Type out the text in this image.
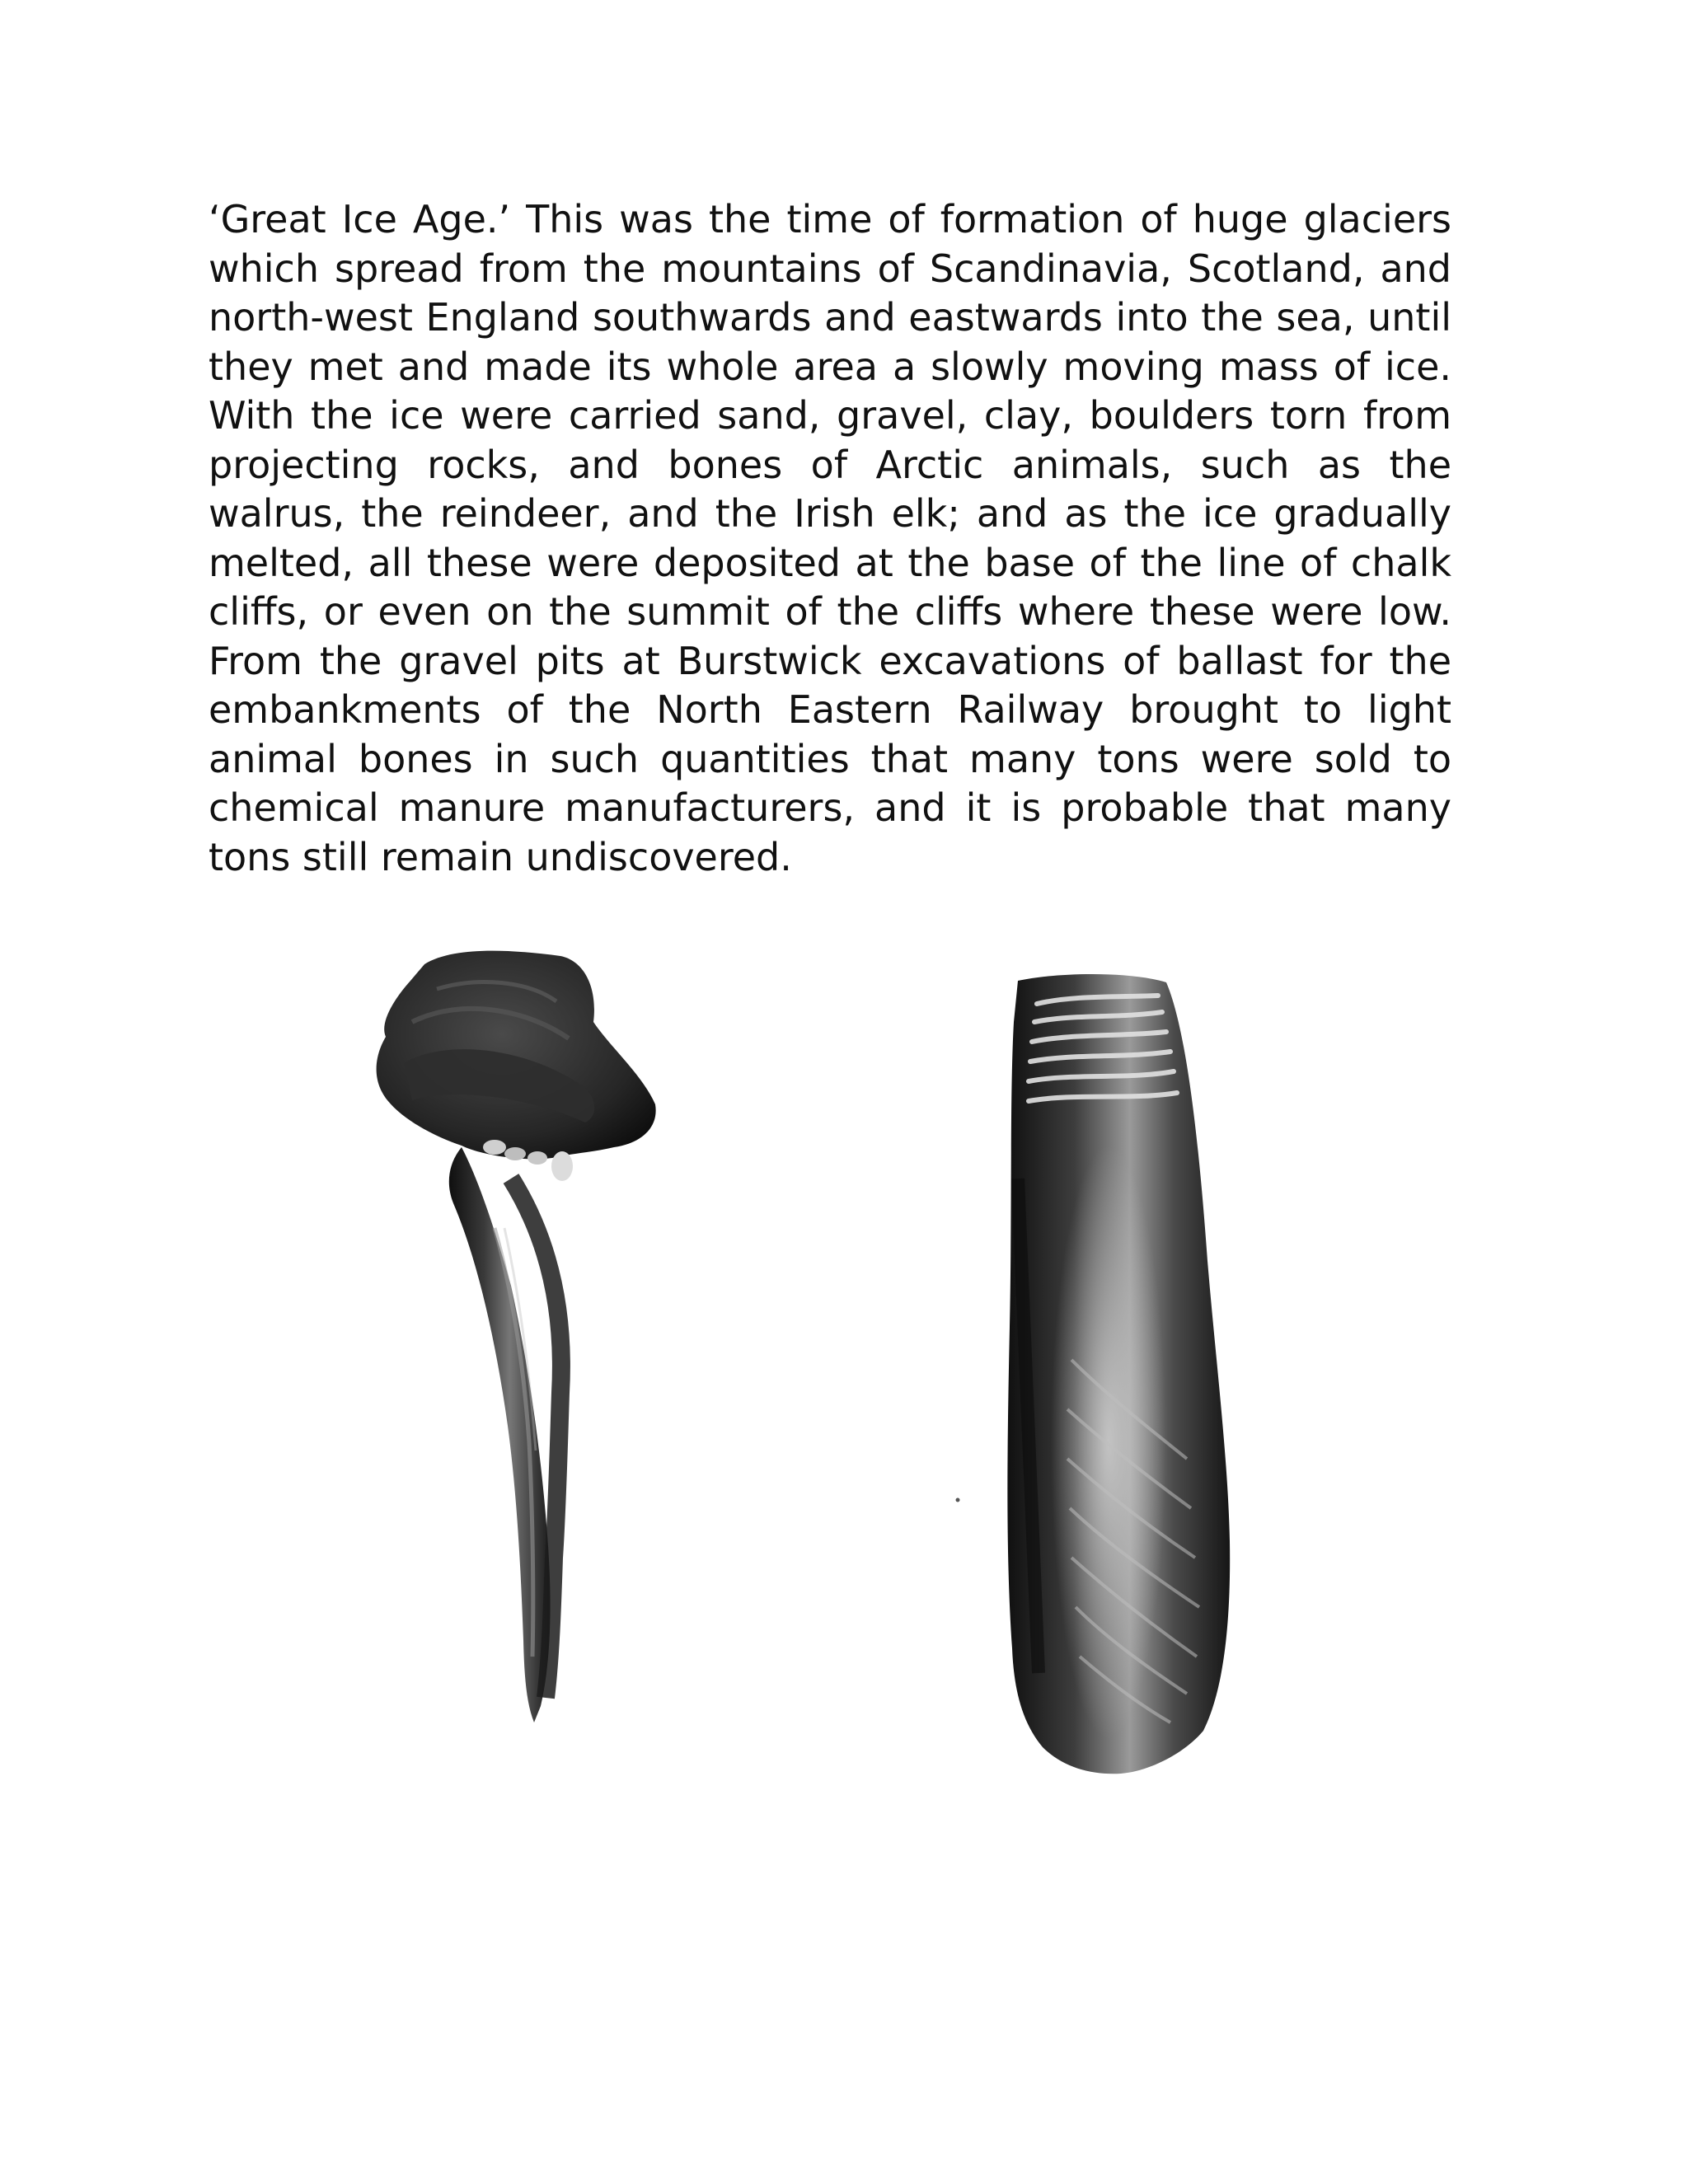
‘Great Ice Age.’ This was the time of formation of huge glaciers which spread from the mountains of Scandinavia, Scotland, and north-west England southwards and eastwards into the sea, until they met and made its whole area a slowly moving mass of ice. With the ice were carried sand, gravel, clay, boulders torn from projecting rocks, and bones of Arctic animals, such as the walrus, the reindeer, and the Irish elk; and as the ice gradually melted, all these were deposited at the base of the line of chalk cliffs, or even on the summit of the cliffs where these were low. From the gravel pits at Burstwick excavations of ballast for the embankments of the North Eastern Railway brought to light animal bones in such quantities that many tons were sold to chemical manure manufacturers, and it is probable that many tons still remain undiscovered.
